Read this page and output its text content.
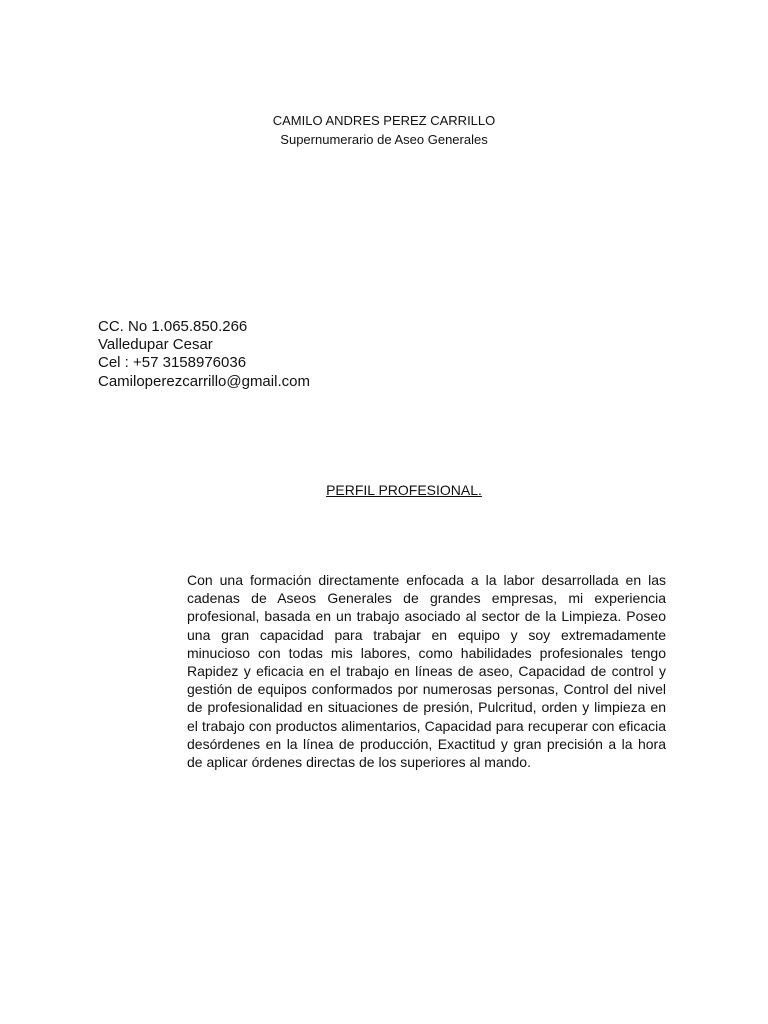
CAMILO ANDRES PEREZ CARRILLO
Supernumerario de Aseo Generales
CC. No 1.065.850.266
Valledupar Cesar
Cel : +57 3158976036
Camiloperezcarrillo@gmail.com
PERFIL PROFESIONAL.
Con una formación directamente enfocada a la labor desarrollada en las cadenas de Aseos Generales de grandes empresas, mi experiencia profesional, basada en un trabajo asociado al sector de la Limpieza. Poseo una gran capacidad para trabajar en equipo y soy extremadamente minucioso con todas mis labores, como habilidades profesionales tengo Rapidez y eficacia en el trabajo en líneas de aseo, Capacidad de control y gestión de equipos conformados por numerosas personas, Control del nivel de profesionalidad en situaciones de presión, Pulcritud, orden y limpieza en el trabajo con productos alimentarios, Capacidad para recuperar con eficacia desórdenes en la línea de producción, Exactitud y gran precisión a la hora de aplicar órdenes directas de los superiores al mando.
